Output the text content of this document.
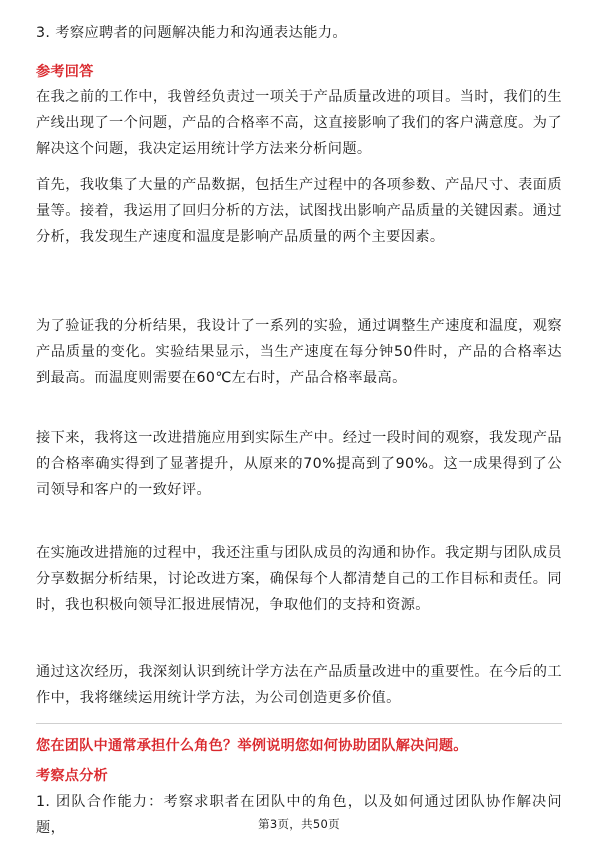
3. 考察应聘者的问题解决能力和沟通表达能力。
参考回答
在我之前的工作中，我曾经负责过一项关于产品质量改进的项目。当时，我们的生产线出现了一个问题，产品的合格率不高，这直接影响了我们的客户满意度。为了解决这个问题，我决定运用统计学方法来分析问题。
首先，我收集了大量的产品数据，包括生产过程中的各项参数、产品尺寸、表面质量等。接着，我运用了回归分析的方法，试图找出影响产品质量的关键因素。通过分析，我发现生产速度和温度是影响产品质量的两个主要因素。
为了验证我的分析结果，我设计了一系列的实验，通过调整生产速度和温度，观察产品质量的变化。实验结果显示，当生产速度在每分钟50件时，产品的合格率达到最高。而温度则需要在60℃左右时，产品合格率最高。
接下来，我将这一改进措施应用到实际生产中。经过一段时间的观察，我发现产品的合格率确实得到了显著提升，从原来的70%提高到了90%。这一成果得到了公司领导和客户的一致好评。
在实施改进措施的过程中，我还注重与团队成员的沟通和协作。我定期与团队成员分享数据分析结果，讨论改进方案，确保每个人都清楚自己的工作目标和责任。同时，我也积极向领导汇报进展情况，争取他们的支持和资源。
通过这次经历，我深刻认识到统计学方法在产品质量改进中的重要性。在今后的工作中，我将继续运用统计学方法，为公司创造更多价值。
您在团队中通常承担什么角色？举例说明您如何协助团队解决问题。
考察点分析
1. 团队合作能力：考察求职者在团队中的角色，以及如何通过团队协作解决问题，	第3页，共50页
